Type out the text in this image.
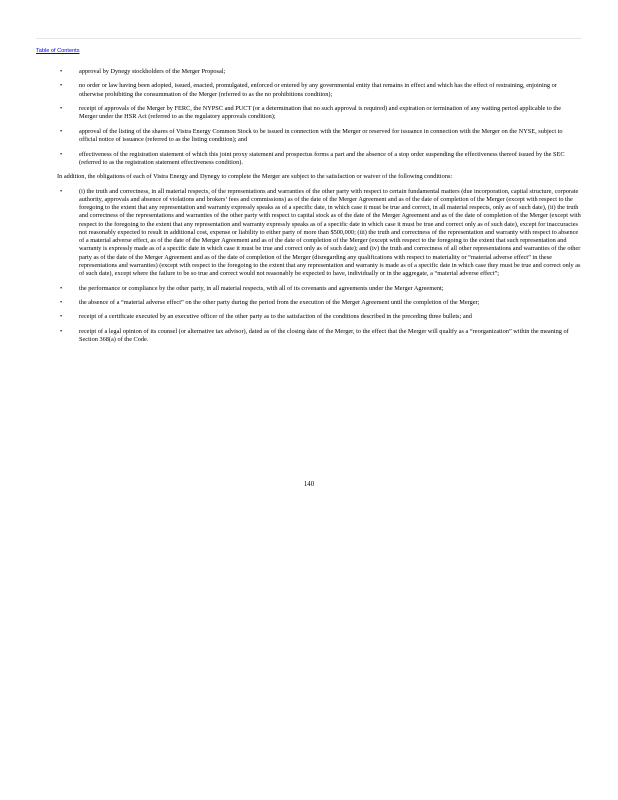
Table of Contents
•	approval by Dynegy stockholders of the Merger Proposal;
•	no order or law having been adopted, issued, enacted, promulgated, enforced or entered by any governmental entity that remains in effect and which has the effect of restraining, enjoining or otherwise prohibiting the consummation of the Merger (referred to as the no prohibitions condition);
•	receipt of approvals of the Merger by FERC, the NYPSC and PUCT (or a determination that no such approval is required) and expiration or termination of any waiting period applicable to the Merger under the HSR Act (referred to as the regulatory approvals condition);
•	approval of the listing of the shares of Vistra Energy Common Stock to be issued in connection with the Merger or reserved for issuance in connection with the Merger on the NYSE, subject to official notice of issuance (referred to as the listing condition); and
•	effectiveness of the registration statement of which this joint proxy statement and prospectus forms a part and the absence of a stop order suspending the effectiveness thereof issued by the SEC (referred to as the registration statement effectiveness condition).

In addition, the obligations of each of Vistra Energy and Dynegy to complete the Merger are subject to the satisfaction or waiver of the following conditions:

•	(i) the truth and correctness, in all material respects, of the representations and warranties of the other party with respect to certain fundamental matters (due incorporation, capital structure, corporate authority, approvals and absence of violations and brokers’ fees and commissions) as of the date of the Merger Agreement and as of the date of completion of the Merger (except with respect to the foregoing to the extent that any representation and warranty expressly speaks as of a specific date, in which case it must be true and correct, in all material respects, only as of such date), (ii) the truth and correctness of the representations and warranties of the other party with respect to capital stock as of the date of the Merger Agreement and as of the date of completion of the Merger (except with respect to the foregoing to the extent that any representation and warranty expressly speaks as of a specific date in which case it must be true and correct only as of such date), except for inaccuracies not reasonably expected to result in additional cost, expense or liability to either party of more than $500,000; (iii) the truth and correctness of the representation and warranty with respect to absence of a material adverse effect, as of the date of the Merger Agreement and as of the date of completion of the Merger (except with respect to the foregoing to the extent that such representation and warranty is expressly made as of a specific date in which case it must be true and correct only as of such date); and (iv) the truth and correctness of all other representations and warranties of the other party as of the date of the Merger Agreement and as of the date of completion of the Merger (disregarding any qualifications with respect to materiality or “material adverse effect” in these representations and warranties) (except with respect to the foregoing to the extent that any representation and warranty is made as of a specific date in which case they must be true and correct only as of such date), except where the failure to be so true and correct would not reasonably be expected to have, individually or in the aggregate, a “material adverse effect”;
•	the performance or compliance by the other party, in all material respects, with all of its covenants and agreements under the Merger Agreement;
•	the absence of a “material adverse effect” on the other party during the period from the execution of the Merger Agreement until the completion of the Merger;
•	receipt of a certificate executed by an executive officer of the other party as to the satisfaction of the conditions described in the preceding three bullets; and
•	receipt of a legal opinion of its counsel (or alternative tax advisor), dated as of the closing date of the Merger, to the effect that the Merger will qualify as a “reorganization” within the meaning of Section 368(a) of the Code.
140
